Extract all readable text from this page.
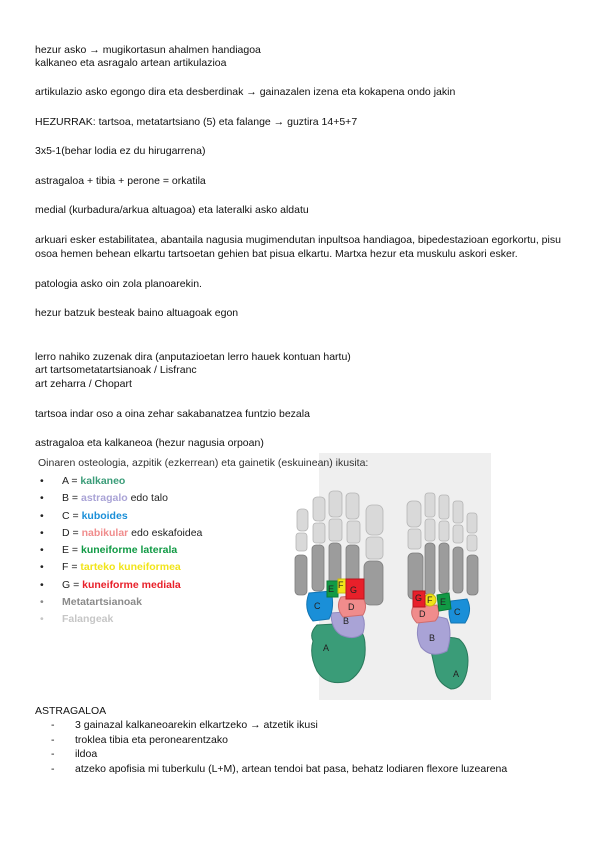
hezur asko → mugikortasun ahalmen handiagoa
kalkaneo eta asragalo artean artikulazioa
artikulazio asko egongo dira eta desberdinak → gainazalen izena eta kokapena ondo jakin
HEZURRAK: tartsoa, metatartsiano (5) eta falange → guztira 14+5+7
3x5-1(behar lodia ez du hirugarrena)
astragaloa + tibia + perone = orkatila
medial (kurbadura/arkua altuagoa) eta lateralki asko aldatu
arkuari esker estabilitatea, abantaila nagusia mugimendutan inpultsoa handiagoa, bipedestazioan egorkortu, pisu osoa hemen behean elkartu tartsoetan gehien bat pisua elkartu. Martxa hezur eta muskulu askori esker.
patologia asko oin zola planoarekin.
hezur batzuk besteak baino altuagoak egon
lerro nahiko zuzenak dira (anputazioetan lerro hauek kontuan hartu)
art tartsometatartsianoak / Lisfranc
art zeharra / Chopart
tartsoa indar oso a oina zehar sakabanatzea funtzio bezala
astragaloa eta kalkaneoa (hezur nagusia orpoan)
Oinaren osteologia, azpitik (ezkerrean) eta gainetik (eskuinean) ikusita:
• A = kalkaneo
• B = astragalo edo talo
• C = kuboides
• D = nabikular edo eskafoidea
• E = kuneiforme laterala
• F = tarteko kuneiformea
• G = kuneiforme mediala
• Metatartsianoak
• Falangeak
A
B
C	D
E F G
A
B
C
D
E
F
G
ASTRAGALOA
- 3 gainazal kalkaneoarekin elkartzeko → atzetik ikusi
- troklea tibia eta peronearentzako
- ildoa
- atzeko apofisia mi tuberkulu (L+M), artean tendoi bat pasa, behatz lodiaren flexore luzearena
